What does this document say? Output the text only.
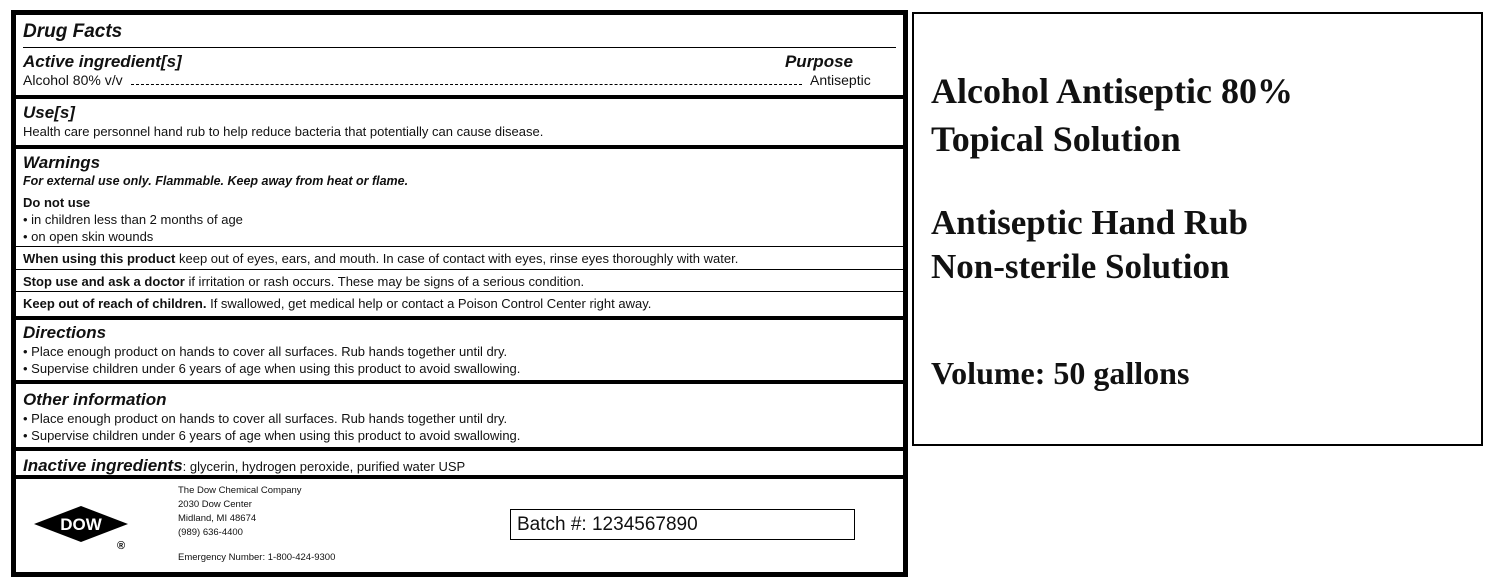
Drug Facts
Active ingredient[s]	Purpose
Alcohol 80% v/v	Antiseptic
Use[s]
Health care personnel hand rub to help reduce bacteria that potentially can cause disease.
Warnings
For external use only. Flammable. Keep away from heat or flame.
Do not use
• in children less than 2 months of age
• on open skin wounds
When using this product keep out of eyes, ears, and mouth. In case of contact with eyes, rinse eyes thoroughly with water.
Stop use and ask a doctor if irritation or rash occurs. These may be signs of a serious condition.
Keep out of reach of children. If swallowed, get medical help or contact a Poison Control Center right away.
Directions
• Place enough product on hands to cover all surfaces. Rub hands together until dry.
• Supervise children under 6 years of age when using this product to avoid swallowing.
Other information
• Place enough product on hands to cover all surfaces. Rub hands together until dry.
• Supervise children under 6 years of age when using this product to avoid swallowing.
Inactive ingredients: glycerin, hydrogen peroxide, purified water USP
DOW
®
The Dow Chemical Company
2030 Dow Center
Midland, MI 48674
(989) 636-4400
Emergency Number: 1-800-424-9300
Batch #: 1234567890
Alcohol Antiseptic 80%
Topical Solution
Antiseptic Hand Rub
Non-sterile Solution
Volume: 50 gallons
